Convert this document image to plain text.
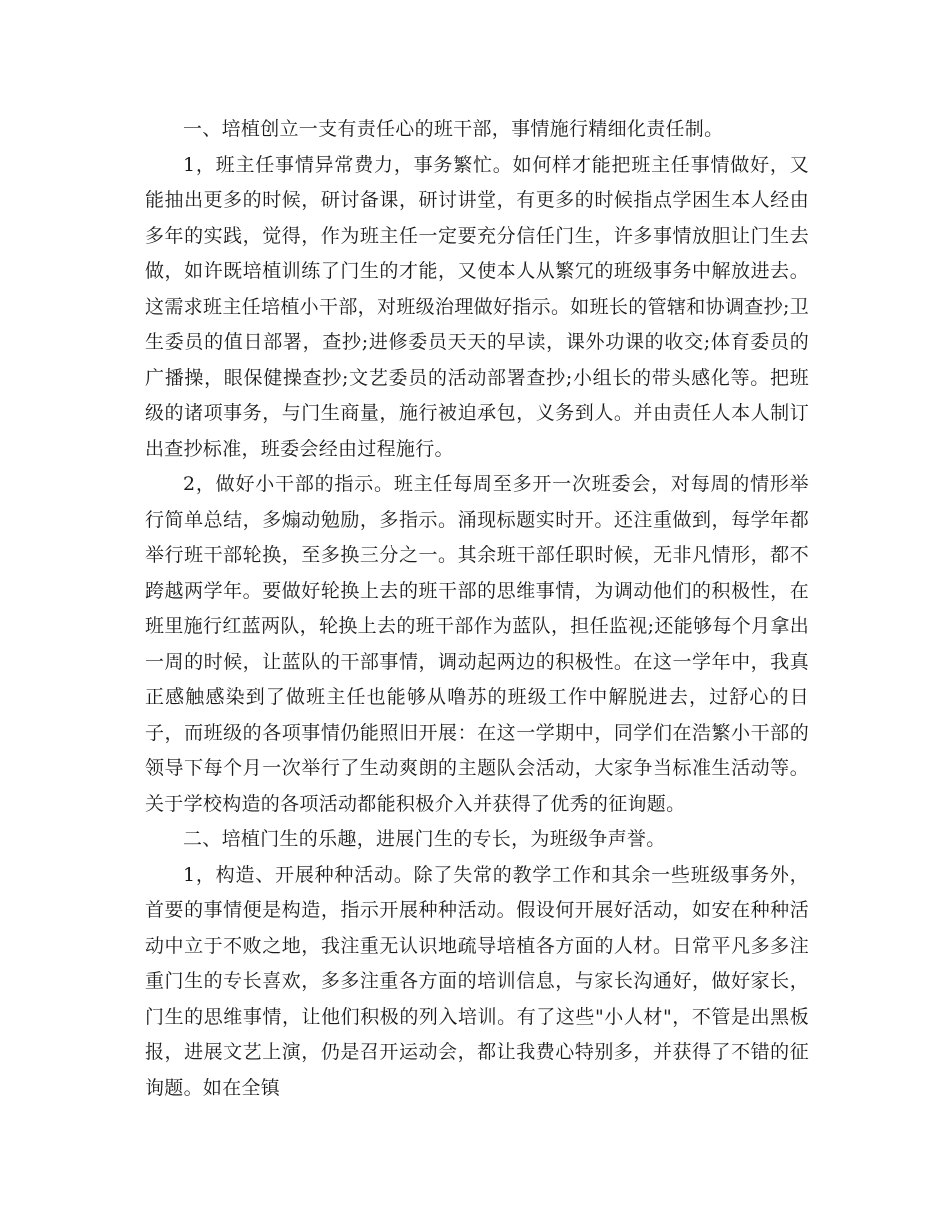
一、培植创立一支有责任心的班干部，事情施行精细化责任制。

1，班主任事情异常费力，事务繁忙。如何样才能把班主任事情做好，又能抽出更多的时候，研讨备课，研讨讲堂，有更多的时候指点学困生本人经由多年的实践，觉得，作为班主任一定要充分信任门生，许多事情放胆让门生去做，如许既培植训练了门生的才能，又使本人从繁冗的班级事务中解放进去。这需求班主任培植小干部，对班级治理做好指示。如班长的管辖和协调查抄;卫生委员的值日部署，查抄;进修委员天天的早读，课外功课的收交;体育委员的广播操，眼保健操查抄;文艺委员的活动部署查抄;小组长的带头感化等。把班级的诸项事务，与门生商量，施行被迫承包，义务到人。并由责任人本人制订出查抄标准，班委会经由过程施行。

2，做好小干部的指示。班主任每周至多开一次班委会，对每周的情形举行简单总结，多煽动勉励，多指示。涌现标题实时开。还注重做到，每学年都举行班干部轮换，至多换三分之一。其余班干部任职时候，无非凡情形，都不跨越两学年。要做好轮换上去的班干部的思维事情，为调动他们的积极性，在班里施行红蓝两队，轮换上去的班干部作为蓝队，担任监视;还能够每个月拿出一周的时候，让蓝队的干部事情，调动起两边的积极性。在这一学年中，我真正感触感染到了做班主任也能够从噜苏的班级工作中解脱进去，过舒心的日子，而班级的各项事情仍能照旧开展：在这一学期中，同学们在浩繁小干部的领导下每个月一次举行了生动爽朗的主题队会活动，大家争当标准生活动等。关于学校构造的各项活动都能积极介入并获得了优秀的征询题。

二、培植门生的乐趣，进展门生的专长，为班级争声誉。

1，构造、开展种种活动。除了失常的教学工作和其余一些班级事务外，首要的事情便是构造，指示开展种种活动。假设何开展好活动，如安在种种活动中立于不败之地，我注重无认识地疏导培植各方面的人材。日常平凡多多注重门生的专长喜欢，多多注重各方面的培训信息，与家长沟通好，做好家长，门生的思维事情，让他们积极的列入培训。有了这些"小人材"，不管是出黑板报，进展文艺上演，仍是召开运动会，都让我费心特别多，并获得了不错的征询题。如在全镇
